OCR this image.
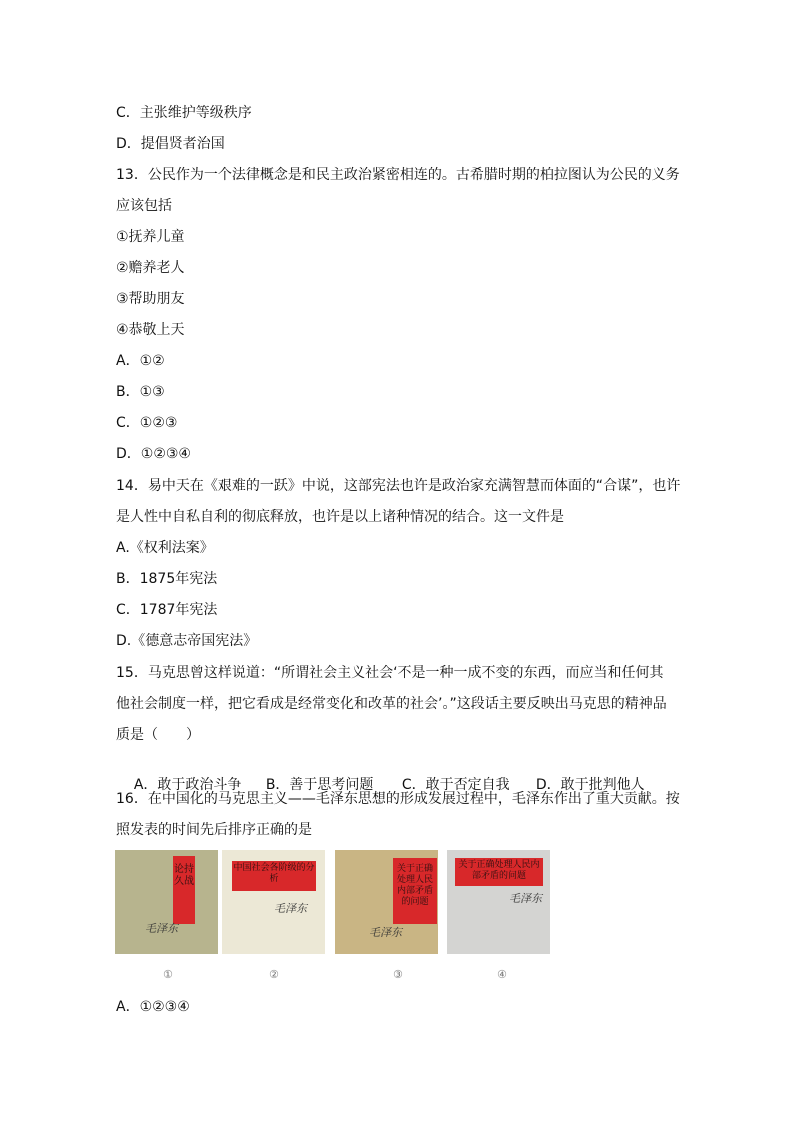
C．主张维护等级秩序
D．提倡贤者治国
13．公民作为一个法律概念是和民主政治紧密相连的。古希腊时期的柏拉图认为公民的义务
应该包括
①抚养儿童
②赡养老人
③帮助朋友
④恭敬上天
A．①②
B．①③
C．①②③
D．①②③④
14．易中天在《艰难的一跃》中说，这部宪法也许是政治家充满智慧而体面的“合谋”，也许
是人性中自私自利的彻底释放，也许是以上诸种情况的结合。这一文件是
A.《权利法案》
B．1875年宪法
C．1787年宪法
D.《德意志帝国宪法》
15．马克思曾这样说道：“所谓社会主义社会‘不是一种一成不变的东西，而应当和任何其
他社会制度一样，把它看成是经常变化和改革的社会’。”这段话主要反映出马克思的精神品
质是（　　）

A．敢于政治斗争 B．善于思考问题 C．敢于否定自我 D．敢于批判他人

16．在中国化的马克思主义——毛泽东思想的形成发展过程中，毛泽东作出了重大贡献。按
照发表的时间先后排序正确的是
论持久战
毛泽东
中国社会各阶级的分析
毛泽东
关于正确处理人民内部矛盾的问题
毛泽东
关于正确处理人民内部矛盾的问题
毛泽东
①	②	③	④
A．①②③④
